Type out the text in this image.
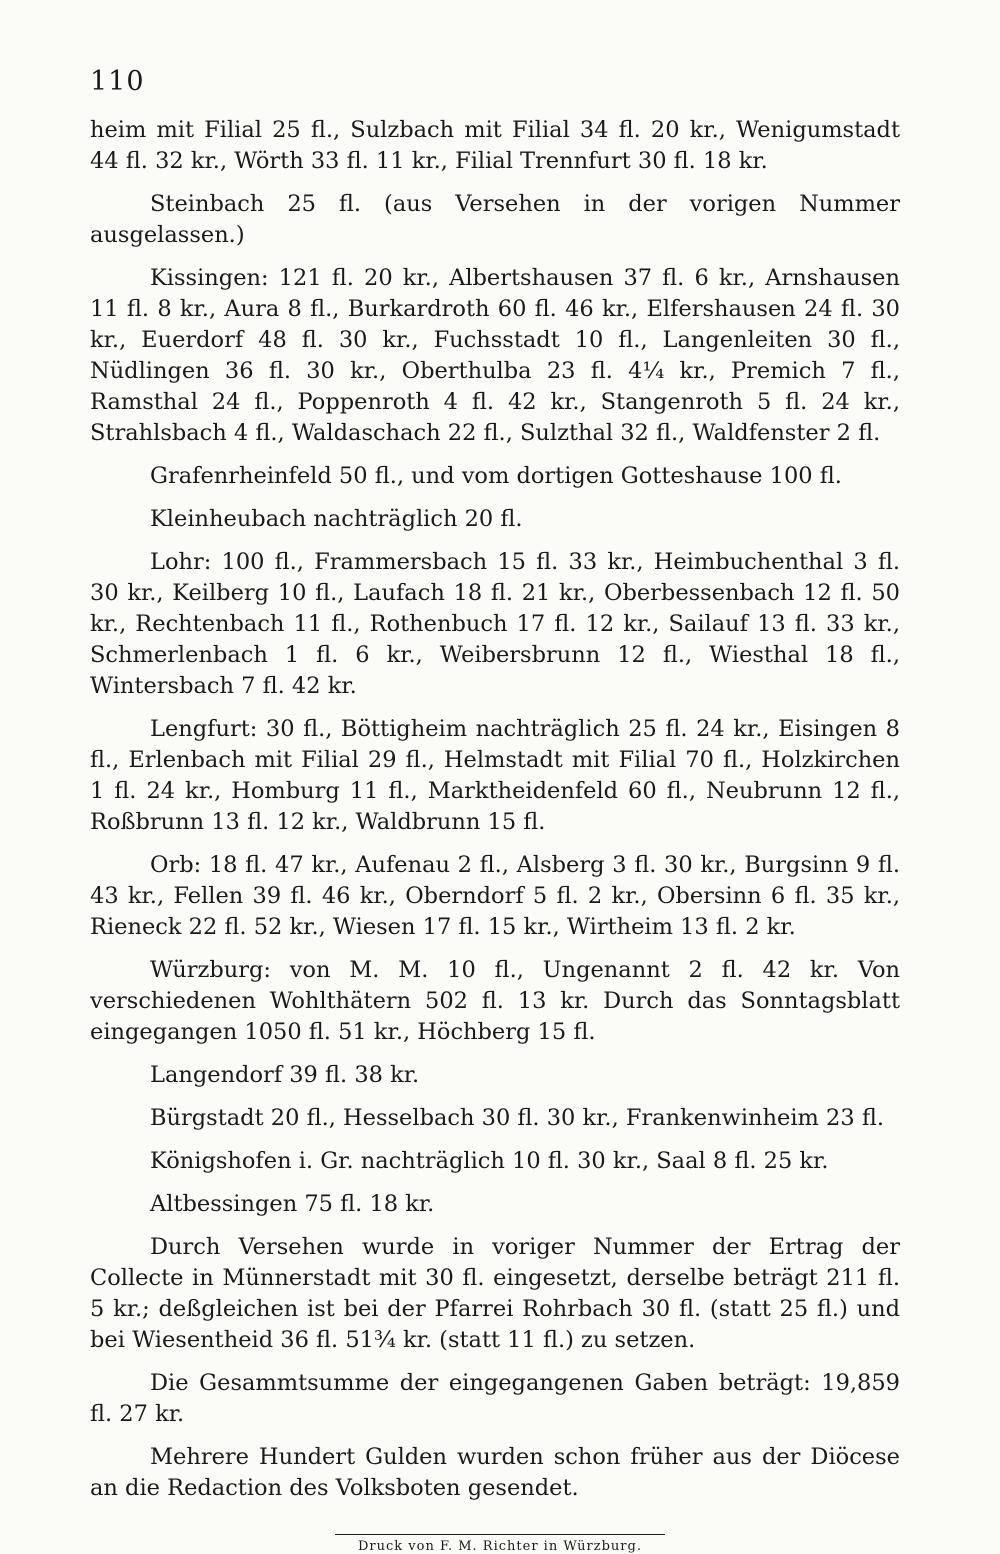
110

heim mit Filial 25 fl., Sulzbach mit Filial 34 fl. 20 kr., Wenigumstadt 44 fl. 32 kr., Wörth 33 fl. 11 kr., Filial Trennfurt 30 fl. 18 kr.

Steinbach 25 fl. (aus Versehen in der vorigen Nummer ausgelassen.)

Kissingen: 121 fl. 20 kr., Albertshausen 37 fl. 6 kr., Arnshausen 11 fl. 8 kr., Aura 8 fl., Burkardroth 60 fl. 46 kr., Elfershausen 24 fl. 30 kr., Euerdorf 48 fl. 30 kr., Fuchsstadt 10 fl., Langenleiten 30 fl., Nüdlingen 36 fl. 30 kr., Oberthulba 23 fl. 4¼ kr., Premich 7 fl., Ramsthal 24 fl., Poppenroth 4 fl. 42 kr., Stangenroth 5 fl. 24 kr., Strahlsbach 4 fl., Waldaschach 22 fl., Sulzthal 32 fl., Waldfenster 2 fl.

Grafenrheinfeld 50 fl., und vom dortigen Gotteshause 100 fl.

Kleinheubach nachträglich 20 fl.

Lohr: 100 fl., Frammersbach 15 fl. 33 kr., Heimbuchenthal 3 fl. 30 kr., Keilberg 10 fl., Laufach 18 fl. 21 kr., Oberbessenbach 12 fl. 50 kr., Rechtenbach 11 fl., Rothenbuch 17 fl. 12 kr., Sailauf 13 fl. 33 kr., Schmerlenbach 1 fl. 6 kr., Weibersbrunn 12 fl., Wiesthal 18 fl., Wintersbach 7 fl. 42 kr.

Lengfurt: 30 fl., Böttigheim nachträglich 25 fl. 24 kr., Eisingen 8 fl., Erlenbach mit Filial 29 fl., Helmstadt mit Filial 70 fl., Holzkirchen 1 fl. 24 kr., Homburg 11 fl., Marktheidenfeld 60 fl., Neubrunn 12 fl., Roßbrunn 13 fl. 12 kr., Waldbrunn 15 fl.

Orb: 18 fl. 47 kr., Aufenau 2 fl., Alsberg 3 fl. 30 kr., Burgsinn 9 fl. 43 kr., Fellen 39 fl. 46 kr., Oberndorf 5 fl. 2 kr., Obersinn 6 fl. 35 kr., Rieneck 22 fl. 52 kr., Wiesen 17 fl. 15 kr., Wirtheim 13 fl. 2 kr.

Würzburg: von M. M. 10 fl., Ungenannt 2 fl. 42 kr. Von verschiedenen Wohlthätern 502 fl. 13 kr. Durch das Sonntagsblatt eingegangen 1050 fl. 51 kr., Höchberg 15 fl.

Langendorf 39 fl. 38 kr.

Bürgstadt 20 fl., Hesselbach 30 fl. 30 kr., Frankenwinheim 23 fl.

Königshofen i. Gr. nachträglich 10 fl. 30 kr., Saal 8 fl. 25 kr.

Altbessingen 75 fl. 18 kr.

Durch Versehen wurde in voriger Nummer der Ertrag der Collecte in Münnerstadt mit 30 fl. eingesetzt, derselbe beträgt 211 fl. 5 kr.; deßgleichen ist bei der Pfarrei Rohrbach 30 fl. (statt 25 fl.) und bei Wiesentheid 36 fl. 51¾ kr. (statt 11 fl.) zu setzen.

Die Gesammtsumme der eingegangenen Gaben beträgt: 19,859 fl. 27 kr.

Mehrere Hundert Gulden wurden schon früher aus der Diöcese an die Redaction des Volksboten gesendet.

Druck von F. M. Richter in Würzburg.
